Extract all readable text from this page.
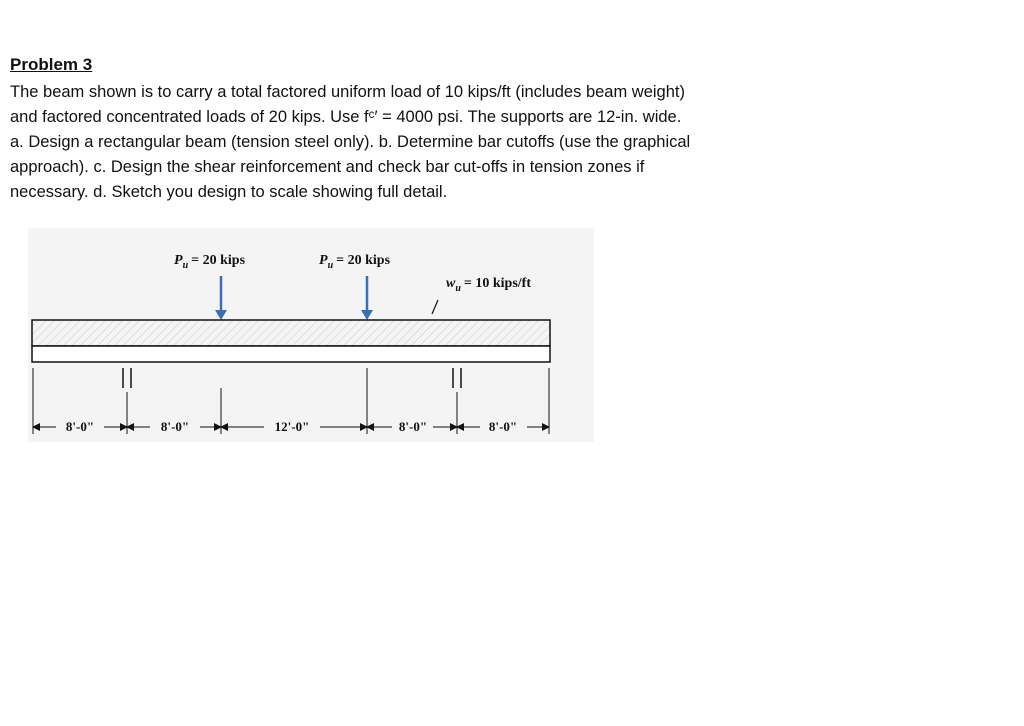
Problem 3
The beam shown is to carry a total factored uniform load of 10 kips/ft (includes beam weight)
and factored concentrated loads of 20 kips. Use fᶜ′ = 4000 psi. The supports are 12-in. wide.
a. Design a rectangular beam (tension steel only). b. Determine bar cutoffs (use the graphical
approach). c. Design the shear reinforcement and check bar cut-offs in tension zones if
necessary. d. Sketch you design to scale showing full detail.
$P_u = 20$ kips	$P_u = 20$ kips
$w_u = 10$ kips/ft
8'-0"	8'-0"	12'-0"	8'-0"	8'-0"
